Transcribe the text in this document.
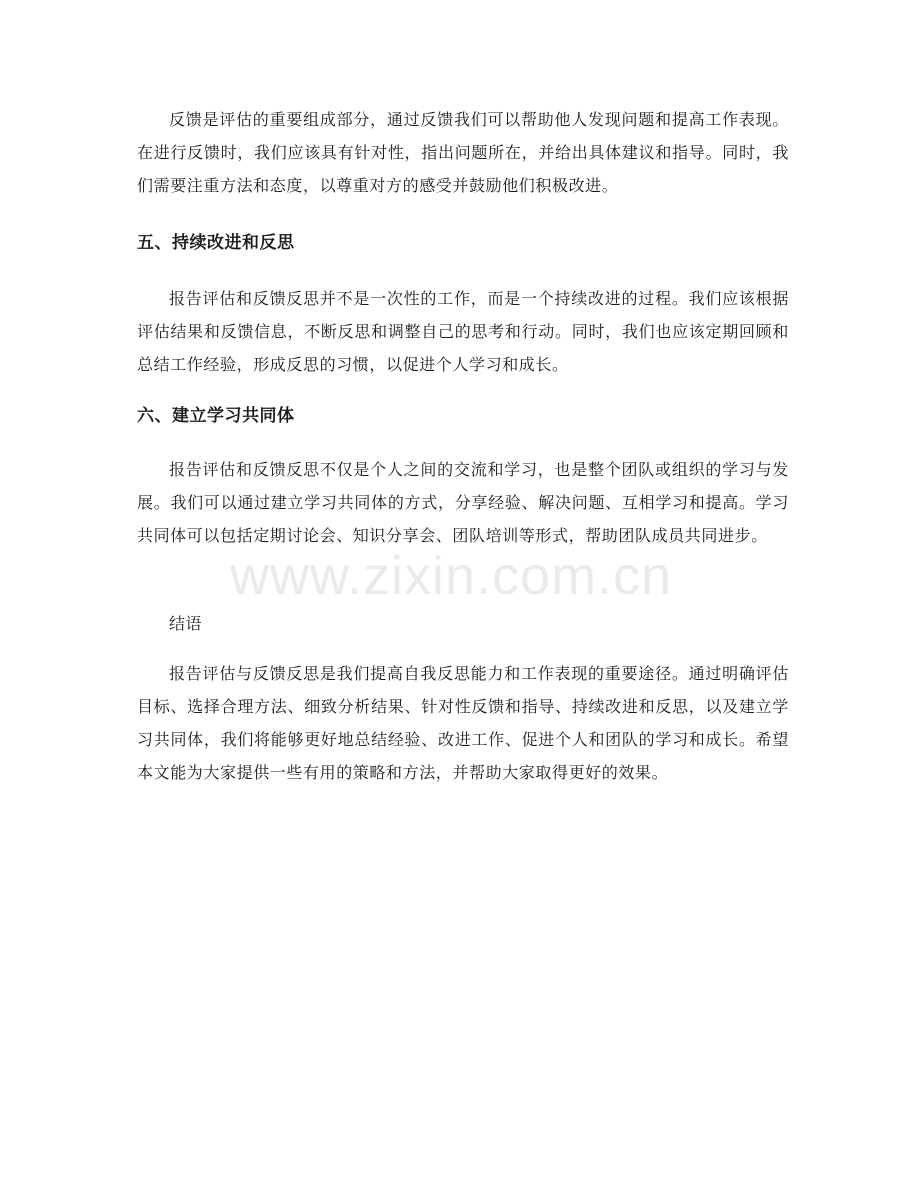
反馈是评估的重要组成部分，通过反馈我们可以帮助他人发现问题和提高工作表现。在进行反馈时，我们应该具有针对性，指出问题所在，并给出具体建议和指导。同时，我们需要注重方法和态度，以尊重对方的感受并鼓励他们积极改进。

五、持续改进和反思

报告评估和反馈反思并不是一次性的工作，而是一个持续改进的过程。我们应该根据评估结果和反馈信息，不断反思和调整自己的思考和行动。同时，我们也应该定期回顾和总结工作经验，形成反思的习惯，以促进个人学习和成长。

六、建立学习共同体

报告评估和反馈反思不仅是个人之间的交流和学习，也是整个团队或组织的学习与发展。我们可以通过建立学习共同体的方式，分享经验、解决问题、互相学习和提高。学习共同体可以包括定期讨论会、知识分享会、团队培训等形式，帮助团队成员共同进步。

结语

报告评估与反馈反思是我们提高自我反思能力和工作表现的重要途径。通过明确评估目标、选择合理方法、细致分析结果、针对性反馈和指导、持续改进和反思，以及建立学习共同体，我们将能够更好地总结经验、改进工作、促进个人和团队的学习和成长。希望本文能为大家提供一些有用的策略和方法，并帮助大家取得更好的效果。

www.zixin.com.cn
